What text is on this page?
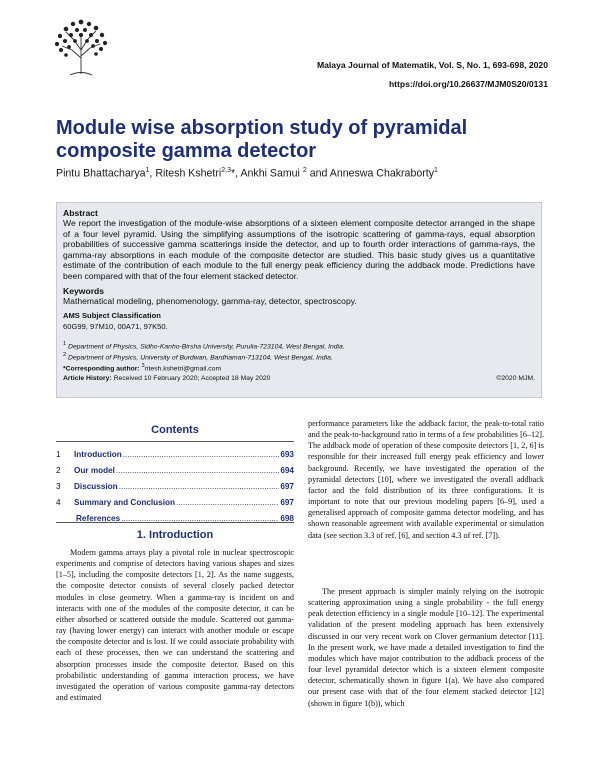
Malaya Journal of Matematik, Vol. S, No. 1, 693-698, 2020
https://doi.org/10.26637/MJM0S20/0131
Module wise absorption study of pyramidal composite gamma detector
Pintu Bhattacharya$^1$, Ritesh Kshetri$^{2,3}$*, Ankhi Samui $^2$ and Anneswa Chakraborty$^1$

Abstract

We report the investigation of the module-wise absorptions of a sixteen element composite detector arranged in the shape of a four level pyramid. Using the simplifying assumptions of the isotropic scattering of gamma-rays, equal absorption probabilities of successive gamma scatterings inside the detector, and up to fourth order interactions of gamma-rays, the gamma-ray absorptions in each module of the composite detector are studied. This basic study gives us a quantitative estimate of the contribution of each module to the full energy peak efficiency during the addback mode. Predictions have been compared with that of the four element stacked detector.

Keywords

Mathematical modeling, phenomenology, gamma-ray, detector, spectroscopy.

AMS Subject Classification

60G99, 97M10, 00A71, 97K50.

$^1$ Department of Physics, Sidho-Kanho-Birsha University, Purulia-723104, West Bengal, India.

$^2$ Department of Physics, University of Burdwan, Bardhaman-713104, West Bengal, India.

*Corresponding author: $^3$ritesh.kshetri@gmail.com

Article History: Received 10 February 2020; Accepted 18 May 2020	©2020 MJM.
Contents
1	Introduction .....	693
2	Our model .....	694
3	Discussion .....	697
4	Summary and Conclusion .....	697
References .....	698
1. Introduction

Modern gamma arrays play a pivotal role in nuclear spectroscopic experiments and comprise of detectors having various shapes and sizes [1–5], including the composite detectors [1, 2]. As the name suggests, the composite detector consists of several closely packed detector modules in close geometry. When a gamma-ray is incident on and interacts with one of the modules of the composite detector, it can be either absorbed or scattered outside the module. Scattered out gamma-ray (having lower energy) can interact with another module or escape the composite detector and is lost. If we could associate probability with each of these processes, then we can understand the scattering and absorption processes inside the composite detector. Based on this probabilistic understanding of gamma interaction process, we have investigated the operation of various composite gamma-ray detectors and estimated

performance parameters like the addback factor, the peak-to-total ratio and the peak-to-background ratio in terms of a few probabilities [6–12]. The addback mode of operation of these composite detectors [1, 2, 6] is responsible for their increased full energy peak efficiency and lower background. Recently, we have investigated the operation of the pyramidal detectors [10], where we investigated the overall addback factor and the fold distribution of its three configurations. It is important to note that our previous modeling papers [6–9], used a generalised approach of composite gamma detector modeling, and has shown reasonable agreement with available experimental or simulation data (see section 3.3 of ref. [6], and section 4.3 of ref. [7]).

The present approach is simpler mainly relying on the isotropic scattering approximation using a single probability - the full energy peak detection efficiency in a single module [10–12]. The experimental validation of the present modeling approach has been extensively discussed in our very recent work on Clover germanium detector [11]. In the present work, we have made a detailed investigation to find the modules which have major contribution to the addback process of the four level pyramidal detector which is a sixteen element composite detector, schematically shown in figure 1(a). We have also compared our present case with that of the four element stacked detector [12] (shown in figure 1(b)), which
